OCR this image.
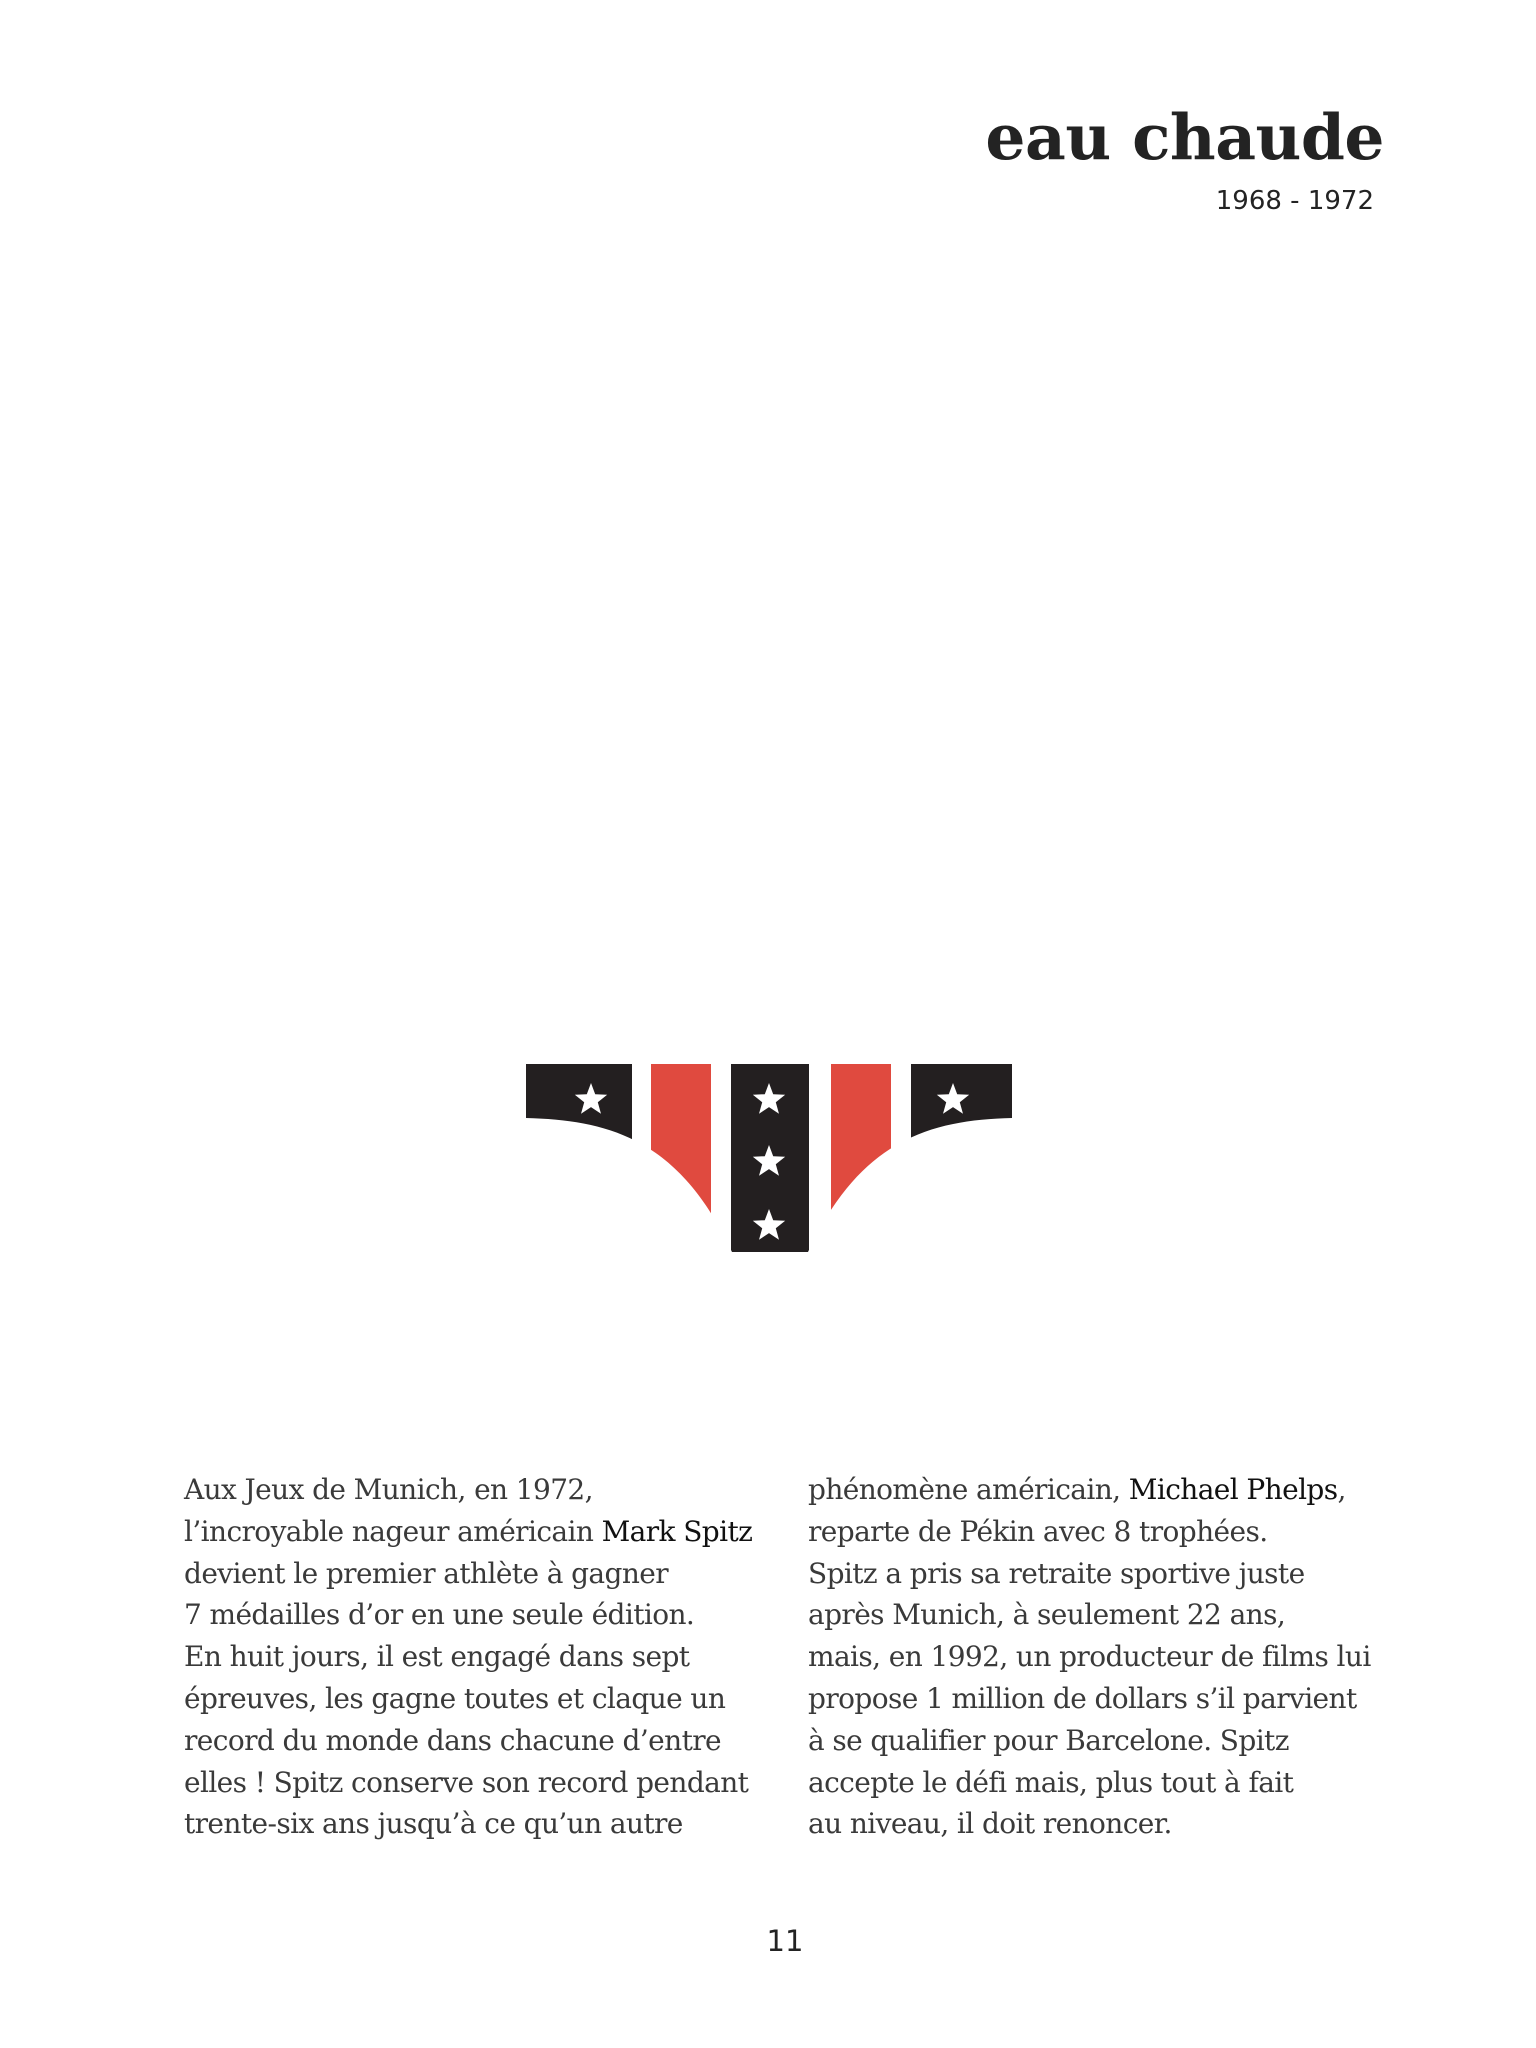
eau chaude
1968 - 1972
Aux Jeux de Munich, en 1972,
l’incroyable nageur américain Mark Spitz
devient le premier athlète à gagner
7 médailles d’or en une seule édition.
En huit jours, il est engagé dans sept
épreuves, les gagne toutes et claque un
record du monde dans chacune d’entre
elles ! Spitz conserve son record pendant
trente-six ans jusqu’à ce qu’un autre
phénomène américain, Michael Phelps,
reparte de Pékin avec 8 trophées.
Spitz a pris sa retraite sportive juste
après Munich, à seulement 22 ans,
mais, en 1992, un producteur de films lui
propose 1 million de dollars s’il parvient
à se qualifier pour Barcelone. Spitz
accepte le défi mais, plus tout à fait
au niveau, il doit renoncer.
11
